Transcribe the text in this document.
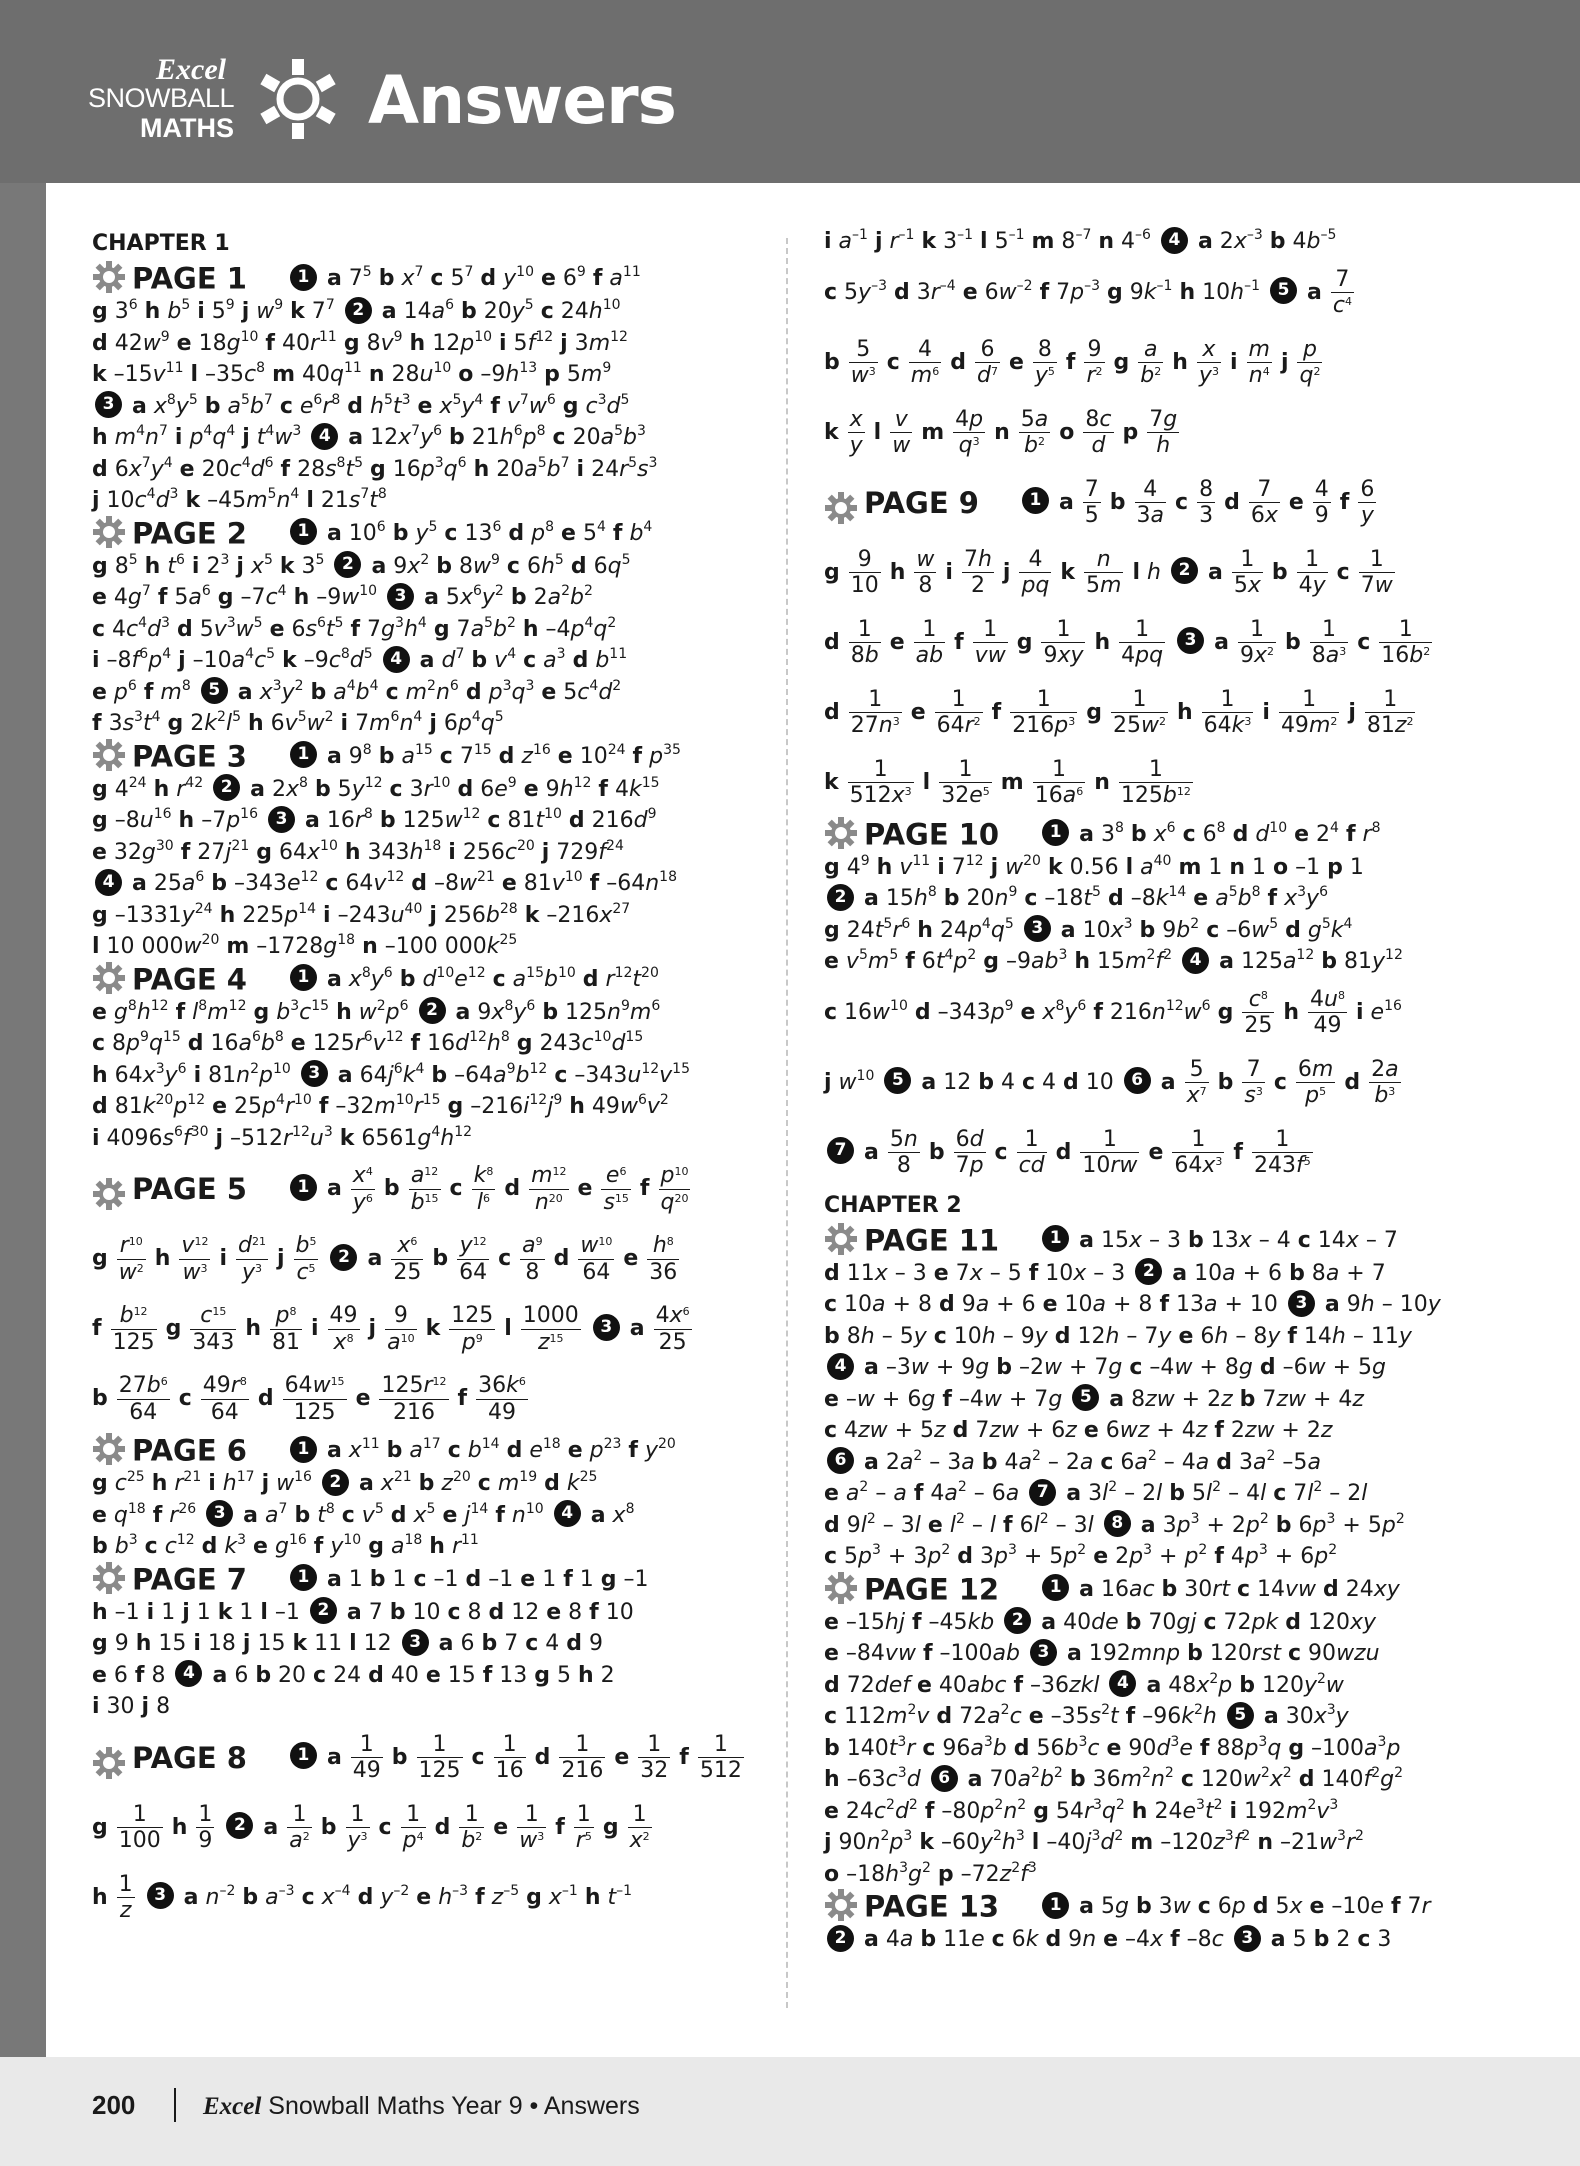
Excel
SNOWBALL
MATHS Answers
CHAPTER 1
PAGE 1	1 a $7^5$ b $x^7$ c $5^7$ d $y^{10}$ e $6^9$ f $a^{11}$
g $3^6$ h $b^5$ i $5^9$ j $w^9$ k $7^7$ 2 a $14a^6$ b $20y^5$ c $24h^{10}$
d $42w^9$ e $18g^{10}$ f $40r^{11}$ g $8v^9$ h $12p^{10}$ i $5f^{12}$ j $3m^{12}$
k $-15v^{11}$ l $-35c^8$ m $40q^{11}$ n $28u^{10}$ o $-9h^{13}$ p $5m^9$
3 a $x^8y^5$ b $a^5b^7$ c $e^6r^8$ d $h^5t^3$ e $x^5y^4$ f $v^7w^6$ g $c^3d^5$
h $m^4n^7$ i $p^4q^4$ j $t^4w^3$ 4 a $12x^7y^6$ b $21h^6p^8$ c $20a^5b^3$
d $6x^7y^4$ e $20c^4d^6$ f $28s^8t^5$ g $16p^3q^6$ h $20a^5b^7$ i $24r^5s^3$
j $10c^4d^3$ k $-45m^5n^4$ l $21s^7t^8$
PAGE 2	1 a $10^6$ b $y^5$ c $13^6$ d $p^8$ e $5^4$ f $b^4$
g $8^5$ h $t^6$ i $2^3$ j $x^5$ k $3^5$ 2 a $9x^2$ b $8w^9$ c $6h^5$ d $6q^5$
e $4g^7$ f $5a^6$ g $-7c^4$ h $-9w^{10}$ 3 a $5x^6y^2$ b $2a^2b^2$
c $4c^4d^3$ d $5v^3w^5$ e $6s^6t^5$ f $7g^3h^4$ g $7a^5b^2$ h $-4p^4q^2$
i $-8f^6p^4$ j $-10a^4c^5$ k $-9c^8d^5$ 4 a $d^7$ b $v^4$ c $a^3$ d $b^{11}$
e $p^6$ f $m^8$ 5 a $x^3y^2$ b $a^4b^4$ c $m^2n^6$ d $p^3q^3$ e $5c^4d^2$
f $3s^3t^4$ g $2k^2l^5$ h $6v^5w^2$ i $7m^6n^4$ j $6p^4q^5$
PAGE 3	1 a $9^8$ b $a^{15}$ c $7^{15}$ d $z^{16}$ e $10^{24}$ f $p^{35}$
g $4^{24}$ h $r^{42}$ 2 a $2x^8$ b $5y^{12}$ c $3r^{10}$ d $6e^9$ e $9h^{12}$ f $4k^{15}$
g $-8u^{16}$ h $-7p^{16}$ 3 a $16r^8$ b $125w^{12}$ c $81t^{10}$ d $216d^9$
e $32g^{30}$ f $27j^{21}$ g $64x^{10}$ h $343h^{18}$ i $256c^{20}$ j $729f^{24}$
4 a $25a^6$ b $-343e^{12}$ c $64v^{12}$ d $-8w^{21}$ e $81v^{10}$ f $-64n^{18}$
g $-1331y^{24}$ h $225p^{14}$ i $-243u^{40}$ j $256b^{28}$ k $-216x^{27}$
l 10 $000w^{20}$ m $-1728g^{18}$ n –100 $000k^{25}$
PAGE 4	1 a $x^8y^6$ b $d^{10}e^{12}$ c $a^{15}b^{10}$ d $r^{12}t^{20}$
e $g^8h^{12}$ f $l^8m^{12}$ g $b^3c^{15}$ h $w^2p^6$ 2 a $9x^8y^6$ b $125n^9m^6$
c $8p^9q^{15}$ d $16a^6b^8$ e $125r^6v^{12}$ f $16d^{12}h^8$ g $243c^{10}d^{15}$
h $64x^3y^6$ i $81n^2p^{10}$ 3 a $64j^6k^4$ b $-64a^9b^{12}$ c $-343u^{12}v^{15}$
d $81k^{20}p^{12}$ e $25p^4r^{10}$ f $-32m^{10}r^{15}$ g $-216i^{12}j^9$ h $49w^6v^2$
i $4096s^6f^{30}$ j $-512r^{12}u^3$ k $6561g^4h^{12}$
PAGE 5	1 a $\frac{x^4}{y^6}$ b $\frac{a^{12}}{b^{15}}$ c $\frac{k^8}{l^6}$ d $\frac{m^{12}}{n^{20}}$ e $\frac{e^6}{s^{15}}$ f $\frac{p^{10}}{q^{20}}$
g $\frac{r^{10}}{w^2}$ h $\frac{v^{12}}{w^3}$ i $\frac{d^{21}}{y^3}$ j $\frac{b^5}{c^5} 2$ a $\frac{x^6}{25}$ b $\frac{y^{12}}{64}$ c $\frac{a^9}{8}$ d $\frac{w^{10}}{64}$ e $\frac{h^8}{36}$
f $\frac{b^{12}}{125}$ g $\frac{c^{15}}{343}$ h $\frac{p^8}{81}$ i $\frac{49}{x^8}$ j $\frac{9}{a^{10}}$ k $\frac{125}{p^9}$ l $\frac{1000}{z^{15}} 3$ a $\frac{4x^6}{25}$
b $\frac{27b^6}{64}$ c $\frac{49r^8}{64}$ d $\frac{64w^{15}}{125}$ e $\frac{125r^{12}}{216}$ f $\frac{36k^6}{49}$
PAGE 6	1 a $x^{11}$ b $a^{17}$ c $b^{14}$ d $e^{18}$ e $p^{23}$ f $y^{20}$
g $c^{25}$ h $r^{21}$ i $h^{17}$ j $w^{16}$ 2 a $x^{21}$ b $z^{20}$ c $m^{19}$ d $k^{25}$
e $q^{18}$ f $r^{26}$ 3 a $a^7$ b $t^8$ c $v^5$ d $x^5$ e $j^{14}$ f $n^{10}$ 4 a $x^8$
b $b^3$ c $c^{12}$ d $k^3$ e $g^{16}$ f $y^{10}$ g $a^{18}$ h $r^{11}$
PAGE 7	1 a 1 b 1 c –1 d –1 e 1 f 1 g –1
h –1 i 1 j 1 k 1 l –1 2 a 7 b 10 c 8 d 12 e 8 f 10
g 9 h 15 i 18 j 15 k 11 l 12 3 a 6 b 7 c 4 d 9
e 6 f 8 4 a 6 b 20 c 24 d 40 e 15 f 13 g 5 h 2
i 30 j 8
PAGE 8	1 a $\frac{1}{49}$ b $\frac{1}{125}$ c $\frac{1}{16}$ d $\frac{1}{216}$ e $\frac{1}{32}$ f $\frac{1}{512}$
g $\frac{1}{100}$ h $\frac{1}{9} 2$ a $\frac{1}{a^2}$ b $\frac{1}{y^3}$ c $\frac{1}{p^4}$ d $\frac{1}{b^2}$ e $\frac{1}{w^3}$ f $\frac{1}{r^5}$ g $\frac{1}{x^2}$
h $\frac{1}{z} 3$ a $n^{-2}$ b $a^{-3}$ c $x^{-4}$ d $y^{-2}$ e $h^{-3}$ f $z^{-5}$ g $x^{-1}$ h $t^{-1}$
i $a^{-1}$ j $r^{-1}$ k $3^{-1}$ l $5^{-1}$ m $8^{-7}$ n $4^{-6}$ 4 a $2x^{-3}$ b $4b^{-5}$
c $5y^{-3}$ d $3r^{-4}$ e $6w^{-2}$ f $7p^{-3}$ g $9k^{-1}$ h $10h^{-1}$ 5 a $\frac{7}{c^4}$
b $\frac{5}{w^3}$ c $\frac{4}{m^6}$ d $\frac{6}{d^7}$ e $\frac{8}{y^5}$ f $\frac{9}{r^2}$ g $\frac{a}{b^2}$ h $\frac{x}{y^3}$ i $\frac{m}{n^4}$ j $\frac{p}{q^2}$
k $\frac{x}{y}$ l $\frac{v}{w}$ m $\frac{4p}{q^3}$ n $\frac{5a}{b^2}$ o $\frac{8c}{d}$ p $\frac{7g}{h}$
PAGE 9	1 a $\frac{7}{5}$ b $\frac{4}{3a}$ c $\frac{8}{3}$ d $\frac{7}{6x}$ e $\frac{4}{9}$ f $\frac{6}{y}$
g $\frac{9}{10}$ h $\frac{w}{8}$ i $\frac{7h}{2}$ j $\frac{4}{pq}$ k $\frac{n}{5m}$ l h 2 a $\frac{1}{5x}$ b $\frac{1}{4y}$ c $\frac{1}{7w}$
d $\frac{1}{8b}$ e $\frac{1}{ab}$ f $\frac{1}{vw}$ g $\frac{1}{9xy}$ h $\frac{1}{4pq} 3$ a $\frac{1}{9x^2}$ b $\frac{1}{8a^3}$ c $\frac{1}{16b^2}$
d $\frac{1}{27n^3}$ e $\frac{1}{64r^2}$ f $\frac{1}{216p^3}$ g $\frac{1}{25w^2}$ h $\frac{1}{64k^3}$ i $\frac{1}{49m^2}$ j $\frac{1}{81z^2}$
k $\frac{1}{512x^3}$ l $\frac{1}{32e^5}$ m $\frac{1}{16a^6}$ n $\frac{1}{125b^{12}}$
PAGE 10	1 a $3^8$ b $x^6$ c $6^8$ d $d^{10}$ e $2^4$ f $r^8$
g $4^9$ h $v^{11}$ i $7^{12}$ j $w^{20}$ k 0.56 l $a^{40}$ m 1 n 1 o –1 p 1
2 a $15h^8$ b $20n^9$ c $-18t^5$ d $-8k^{14}$ e $a^5b^8$ f $x^3y^6$
g $24t^5r^6$ h $24p^4q^5$ 3 a $10x^3$ b $9b^2$ c $-6w^5$ d $g^5k^4$
e $v^5m^5$ f $6t^4p^2$ g $-9ab^3$ h $15m^2f^2$ 4 a $125a^{12}$ b $81y^{12}$
c $16w^{10}$ d $-343p^9$ e $x^8y^6$ f $216n^{12}w^6$ g $\frac{c^8}{25}$ h $\frac{4u^8}{49}$ i $e^{16}$
j $w^{10}$ 5 a 12 b 4 c 4 d 10 6 a $\frac{5}{x^7}$ b $\frac{7}{s^3}$ c $\frac{6m}{p^5}$ d $\frac{2a}{b^3}$
7 a $\frac{5n}{8}$ b $\frac{6d}{7p}$ c $\frac{1}{cd}$ d $\frac{1}{10rw}$ e $\frac{1}{64x^3}$ f $\frac{1}{243f^5}$
CHAPTER 2
PAGE 11	1 a 15x – 3 b 13x – 4 c 14x – 7
d 11x – 3 e 7x – 5 f 10x – 3 2 a 10a + 6 b 8a + 7
c 10a + 8 d 9a + 6 e 10a + 8 f 13a + 10 3 a 9h – 10y
b 8h – 5y c 10h – 9y d 12h – 7y e 6h – 8y f 14h – 11y
4 a –3w + 9g b –2w + 7g c –4w + 8g d –6w + 5g
e –w + 6g f –4w + 7g 5 a 8zw + 2z b 7zw + 4z
c 4zw + 5z d 7zw + 6z e 6wz + 4z f 2zw + 2z
6 a $2a^2 - 3a$ b $4a^2 - 2a$ c $6a^2 - 4a$ d $3a^2$ –5a
e $a^2$ – a f $4a^2 - 6a$ 7 a $3l^2 - 2l$ b $5l^2 - 4l$ c $7l^2 - 2l$
d $9l^2 - 3l$ e $l^2$ – l f $6l^2 - 3l$ 8 a $3p^3 + 2p^2$ b $6p^3 + 5p^2$
c $5p^3 + 3p^2$ d $3p^3 + 5p^2$ e $2p^3 + p^2$ f $4p^3 + 6p^2$
PAGE 12	1 a 16ac b 30rt c 14vw d 24xy
e –15hj f –45kb 2 a 40de b 70gj c 72pk d 120xy
e –84vw f –100ab 3 a 192mnp b 120rst c 90wzu
d 72def e 40abc f –36zkl 4 a $48x^2p$ b $120y^2w$
c $112m^2v$ d $72a^2c$ e $-35s^2t$ f $-96k^2h$ 5 a $30x^3y$
b $140t^3r$ c $96a^3b$ d $56b^3c$ e $90d^3e$ f $88p^3q$ g $-100a^3p$
h $-63c^3d$ 6 a $70a^2b^2$ b $36m^2n^2$ c $120w^2x^2$ d $140f^2g^2$
e $24c^2d^2$ f $-80p^2n^2$ g $54r^3q^2$ h $24e^3t^2$ i $192m^2v^3$
j $90n^2p^3$ k $-60y^2h^3$ l $-40j^3d^2$ m $-120z^3f^2$ n $-21w^3r^2$
o $-18h^3g^2$ p $-72z^2f^3$
PAGE 13	1 a 5g b 3w c 6p d 5x e –10e f 7r
2 a 4a b 11e c 6k d 9n e –4x f –8c 3 a 5 b 2 c 3
200	Excel Snowball Maths Year 9 • Answers
